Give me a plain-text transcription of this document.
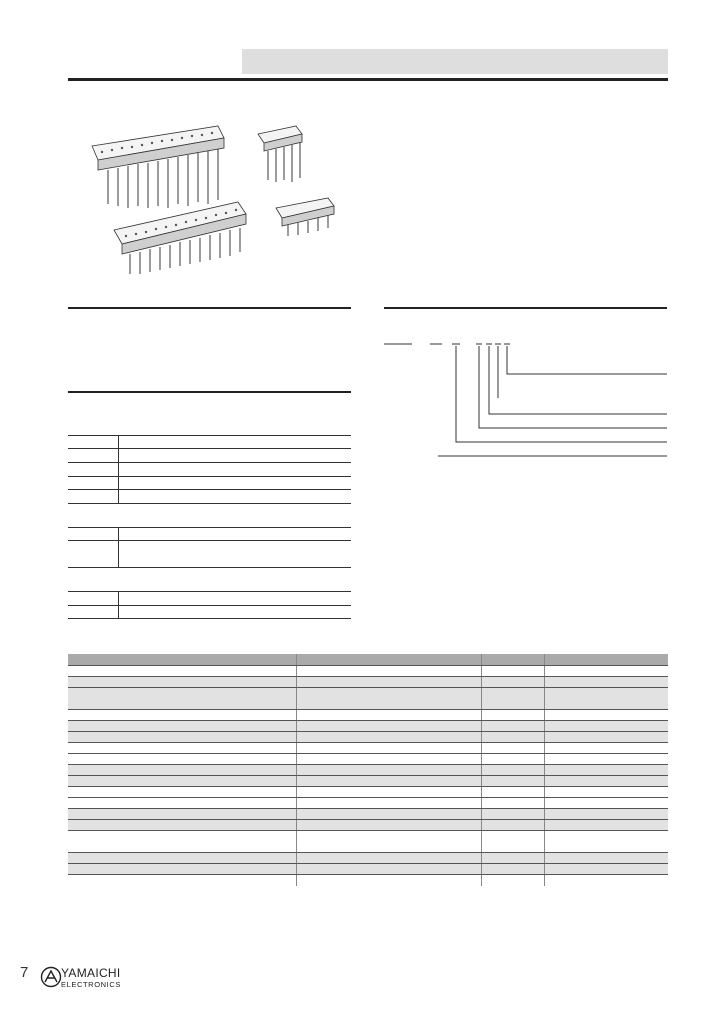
7	YAMAICHI
ELECTRONICS
